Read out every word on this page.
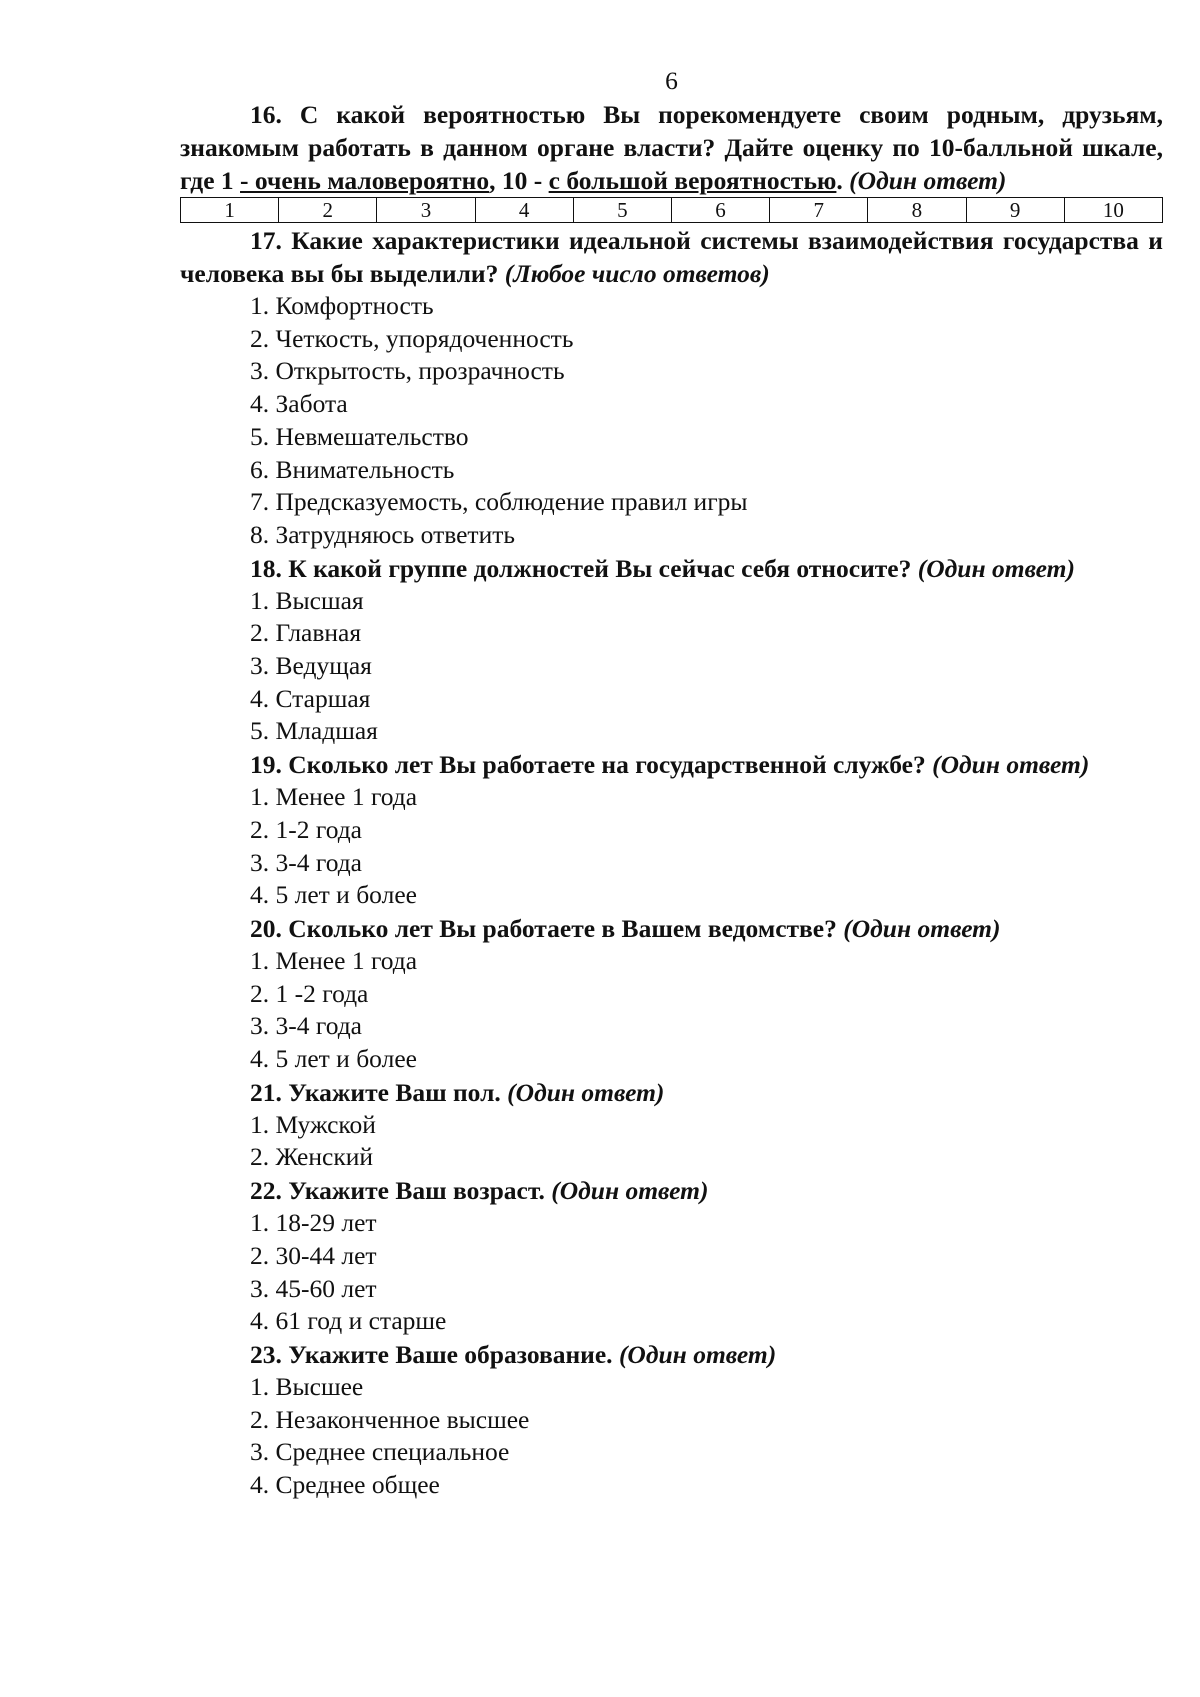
6

16. С какой вероятностью Вы порекомендуете своим родным, друзьям, знакомым работать в данном органе власти? Дайте оценку по 10-балльной шкале, где 1 - очень маловероятно, 10 - с большой вероятностью. (Один ответ)

1	2	3	4	5	6	7	8	9	10

17. Какие характеристики идеальной системы взаимодействия государства и человека вы бы выделили? (Любое число ответов)

1. Комфортность

2. Четкость, упорядоченность

3. Открытость, прозрачность

4. Забота

5. Невмешательство

6. Внимательность

7. Предсказуемость, соблюдение правил игры

8. Затрудняюсь ответить

18. К какой группе должностей Вы сейчас себя относите? (Один ответ)

1. Высшая

2. Главная

3. Ведущая

4. Старшая

5. Младшая

19. Сколько лет Вы работаете на государственной службе? (Один ответ)

1. Менее 1 года

2. 1-2 года

3. 3-4 года

4. 5 лет и более

20. Сколько лет Вы работаете в Вашем ведомстве? (Один ответ)

1. Менее 1 года

2. 1 -2 года

3. 3-4 года

4. 5 лет и более

21. Укажите Ваш пол. (Один ответ)

1. Мужской

2. Женский

22. Укажите Ваш возраст. (Один ответ)

1. 18-29 лет

2. 30-44 лет

3. 45-60 лет

4. 61 год и старше

23. Укажите Ваше образование. (Один ответ)

1. Высшее

2. Незаконченное высшее

3. Среднее специальное

4. Среднее общее
